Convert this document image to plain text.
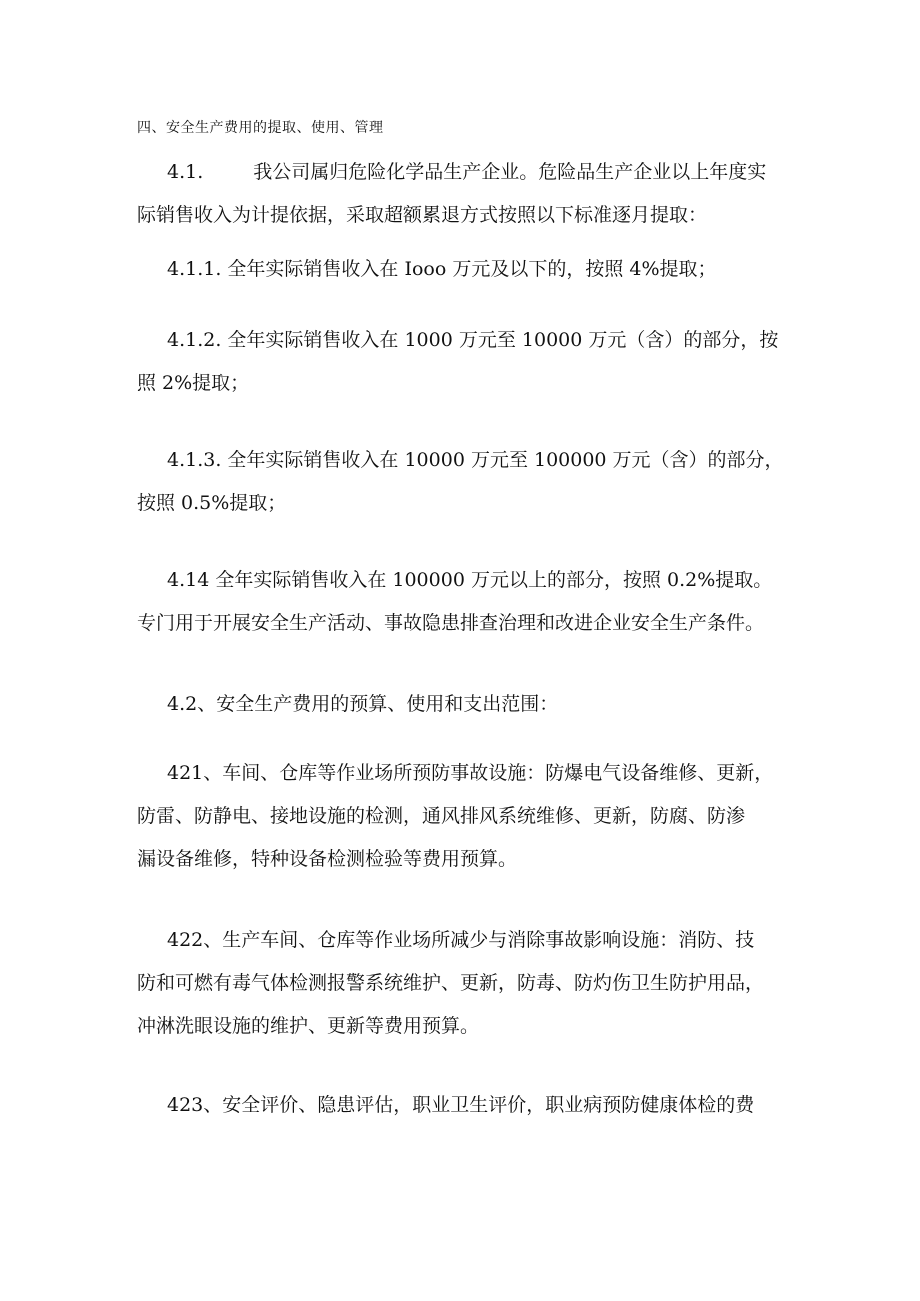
四、安全生产费用的提取、使用、管理
4.1.	我公司属归危险化学品生产企业。危险品生产企业以上年度实
际销售收入为计提依据，采取超额累退方式按照以下标准逐月提取：
4.1.1. 全年实际销售收入在 Iooo 万元及以下的，按照 4%提取；
4.1.2. 全年实际销售收入在 1000 万元至 10000 万元（含）的部分，按
照 2%提取；
4.1.3. 全年实际销售收入在 10000 万元至 100000 万元（含）的部分，
按照 0.5%提取；
4.14 全年实际销售收入在 100000 万元以上的部分，按照 0.2%提取。
专门用于开展安全生产活动、事故隐患排查治理和改进企业安全生产条件。
4.2、安全生产费用的预算、使用和支出范围：
421、车间、仓库等作业场所预防事故设施：防爆电气设备维修、更新，
防雷、防静电、接地设施的检测，通风排风系统维修、更新，防腐、防渗
漏设备维修，特种设备检测检验等费用预算。
422、生产车间、仓库等作业场所减少与消除事故影响设施：消防、技
防和可燃有毒气体检测报警系统维护、更新，防毒、防灼伤卫生防护用品，
冲淋洗眼设施的维护、更新等费用预算。
423、安全评价、隐患评估，职业卫生评价，职业病预防健康体检的费
